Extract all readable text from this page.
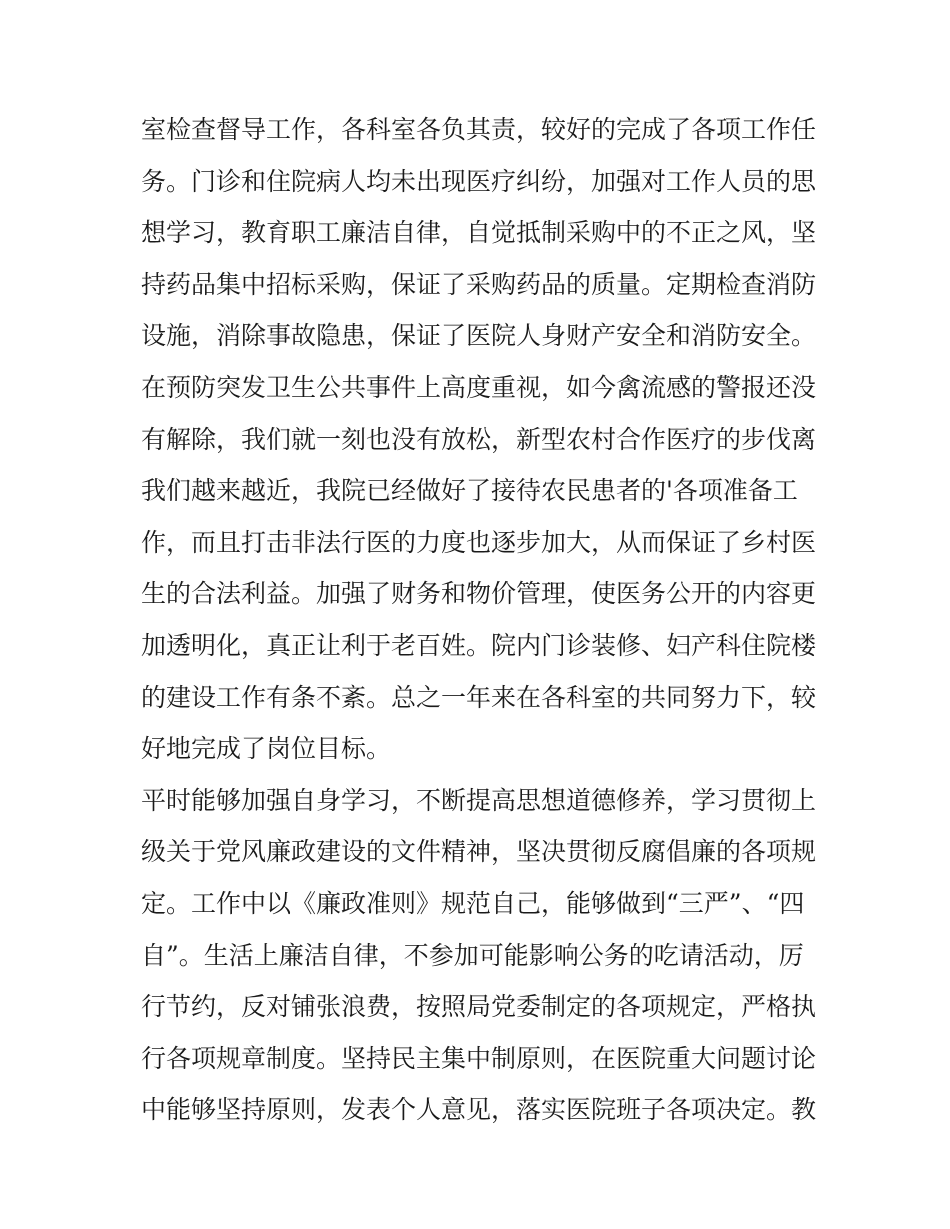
室检查督导工作，各科室各负其责，较好的完成了各项工作任
务。门诊和住院病人均未出现医疗纠纷，加强对工作人员的思
想学习，教育职工廉洁自律，自觉抵制采购中的不正之风，坚
持药品集中招标采购，保证了采购药品的质量。定期检查消防
设施，消除事故隐患，保证了医院人身财产安全和消防安全。
在预防突发卫生公共事件上高度重视，如今禽流感的警报还没
有解除，我们就一刻也没有放松，新型农村合作医疗的步伐离
我们越来越近，我院已经做好了接待农民患者的'各项准备工
作，而且打击非法行医的力度也逐步加大，从而保证了乡村医
生的合法利益。加强了财务和物价管理，使医务公开的内容更
加透明化，真正让利于老百姓。院内门诊装修、妇产科住院楼
的建设工作有条不紊。总之一年来在各科室的共同努力下，较
好地完成了岗位目标。
平时能够加强自身学习，不断提高思想道德修养，学习贯彻上
级关于党风廉政建设的文件精神，坚决贯彻反腐倡廉的各项规
定。工作中以《廉政准则》规范自己，能够做到“三严”、“四
自”。生活上廉洁自律，不参加可能影响公务的吃请活动，厉
行节约，反对铺张浪费，按照局党委制定的各项规定，严格执
行各项规章制度。坚持民主集中制原则，在医院重大问题讨论
中能够坚持原则，发表个人意见，落实医院班子各项决定。教
